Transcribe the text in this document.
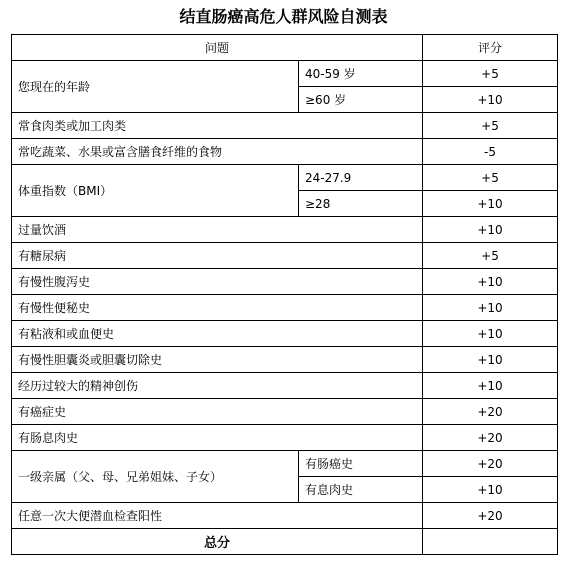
结直肠癌高危人群风险自测表
问题		评分
您现在的年龄	40-59 岁	+5
	≥60 岁	+10
常食肉类或加工肉类		+5
常吃蔬菜、水果或富含膳食纤维的食物		-5
体重指数（BMI）	24-27.9	+5
	≥28	+10
过量饮酒		+10
有糖尿病		+5
有慢性腹泻史		+10
有慢性便秘史		+10
有粘液和或血便史		+10
有慢性胆囊炎或胆囊切除史		+10
经历过较大的精神创伤		+10
有癌症史		+20
有肠息肉史		+20
一级亲属（父、母、兄弟姐妹、子女）	有肠癌史	+20
	有息肉史	+10
任意一次大便潜血检查阳性		+20
总分		
